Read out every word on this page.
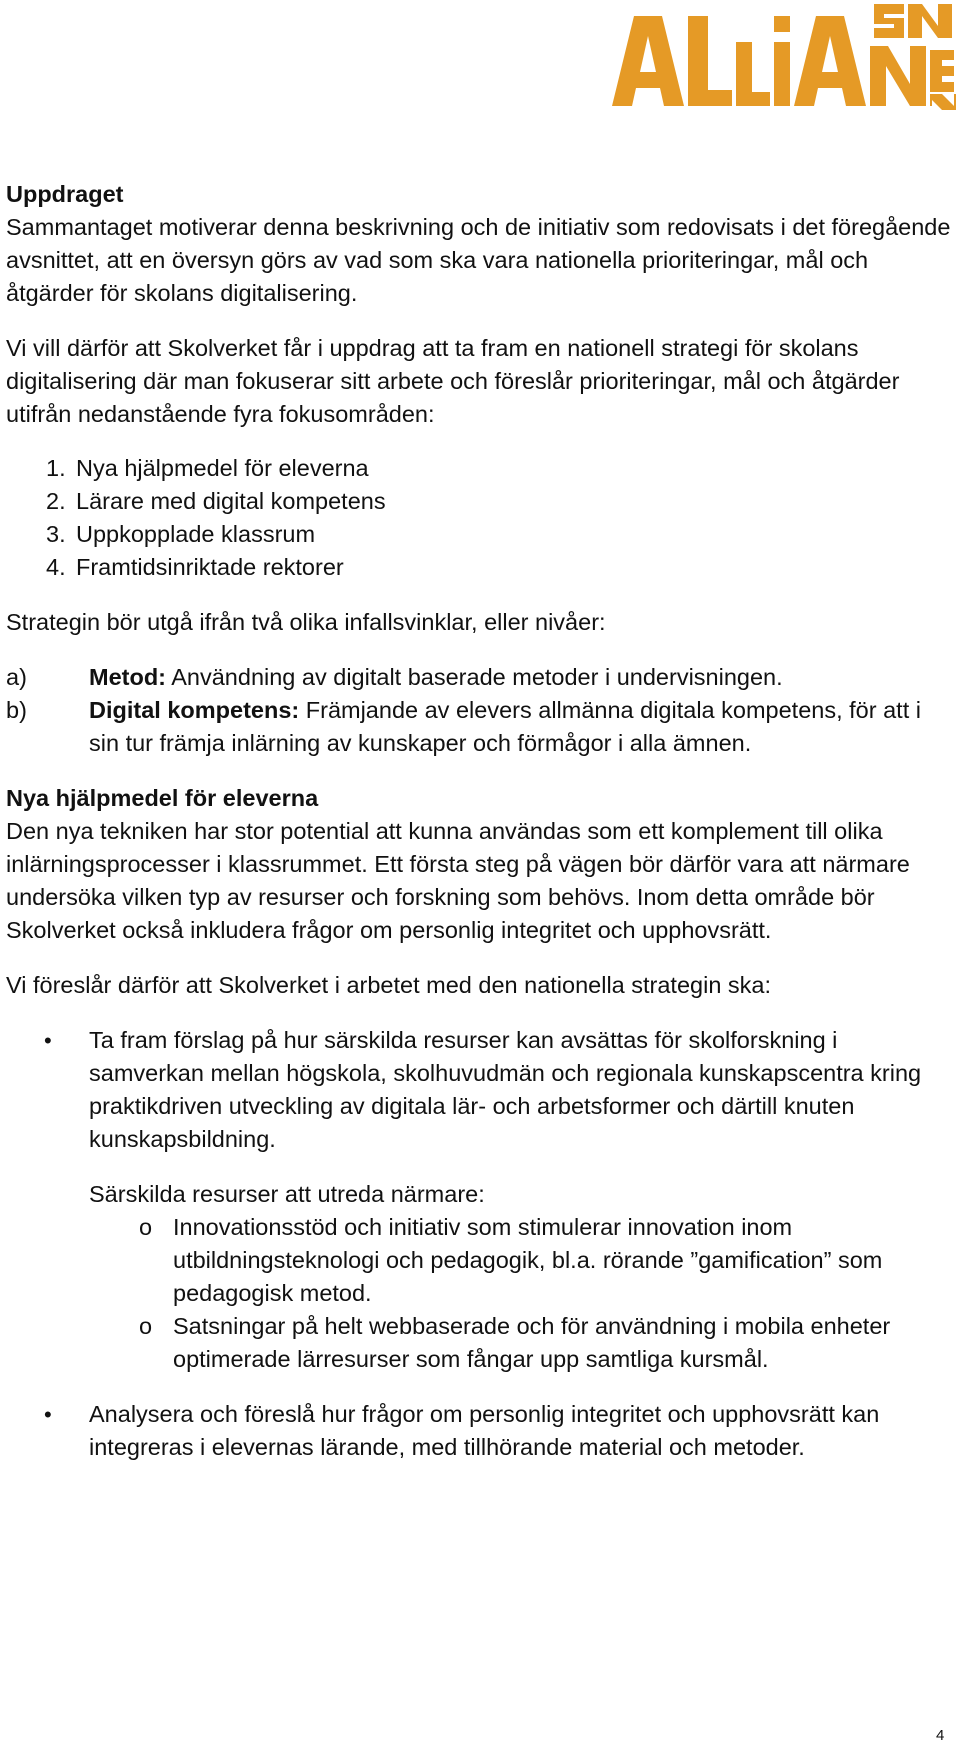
Uppdraget

Sammantaget motiverar denna beskrivning och de initiativ som redovisats i det föregående avsnittet, att en översyn görs av vad som ska vara nationella prioriteringar, mål och åtgärder för skolans digitalisering.

Vi vill därför att Skolverket får i uppdrag att ta fram en nationell strategi för skolans digitalisering där man fokuserar sitt arbete och föreslår prioriteringar, mål och åtgärder utifrån nedanstående fyra fokusområden:

1. Nya hjälpmedel för eleverna
2. Lärare med digital kompetens
3. Uppkopplade klassrum
4. Framtidsinriktade rektorer

Strategin bör utgå ifrån två olika infallsvinklar, eller nivåer:

a)	Metod: Användning av digitalt baserade metoder i undervisningen.
b)	Digital kompetens: Främjande av elevers allmänna digitala kompetens, för att i sin tur främja inlärning av kunskaper och förmågor i alla ämnen.

Nya hjälpmedel för eleverna

Den nya tekniken har stor potential att kunna användas som ett komplement till olika inlärningsprocesser i klassrummet. Ett första steg på vägen bör därför vara att närmare undersöka vilken typ av resurser och forskning som behövs. Inom detta område bör Skolverket också inkludera frågor om personlig integritet och upphovsrätt.

Vi föreslår därför att Skolverket i arbetet med den nationella strategin ska:

•	Ta fram förslag på hur särskilda resurser kan avsättas för skolforskning i samverkan mellan högskola, skolhuvudmän och regionala kunskapscentra kring praktikdriven utveckling av digitala lär- och arbetsformer och därtill knuten kunskapsbildning.

Särskilda resurser att utreda närmare:

o Innovationsstöd och initiativ som stimulerar innovation inom utbildningsteknologi och pedagogik, bl.a. rörande ”gamification” som pedagogisk metod.
o Satsningar på helt webbaserade och för användning i mobila enheter optimerade lärresurser som fångar upp samtliga kursmål.
•	Analysera och föreslå hur frågor om personlig integritet och upphovsrätt kan integreras i elevernas lärande, med tillhörande material och metoder.
4
